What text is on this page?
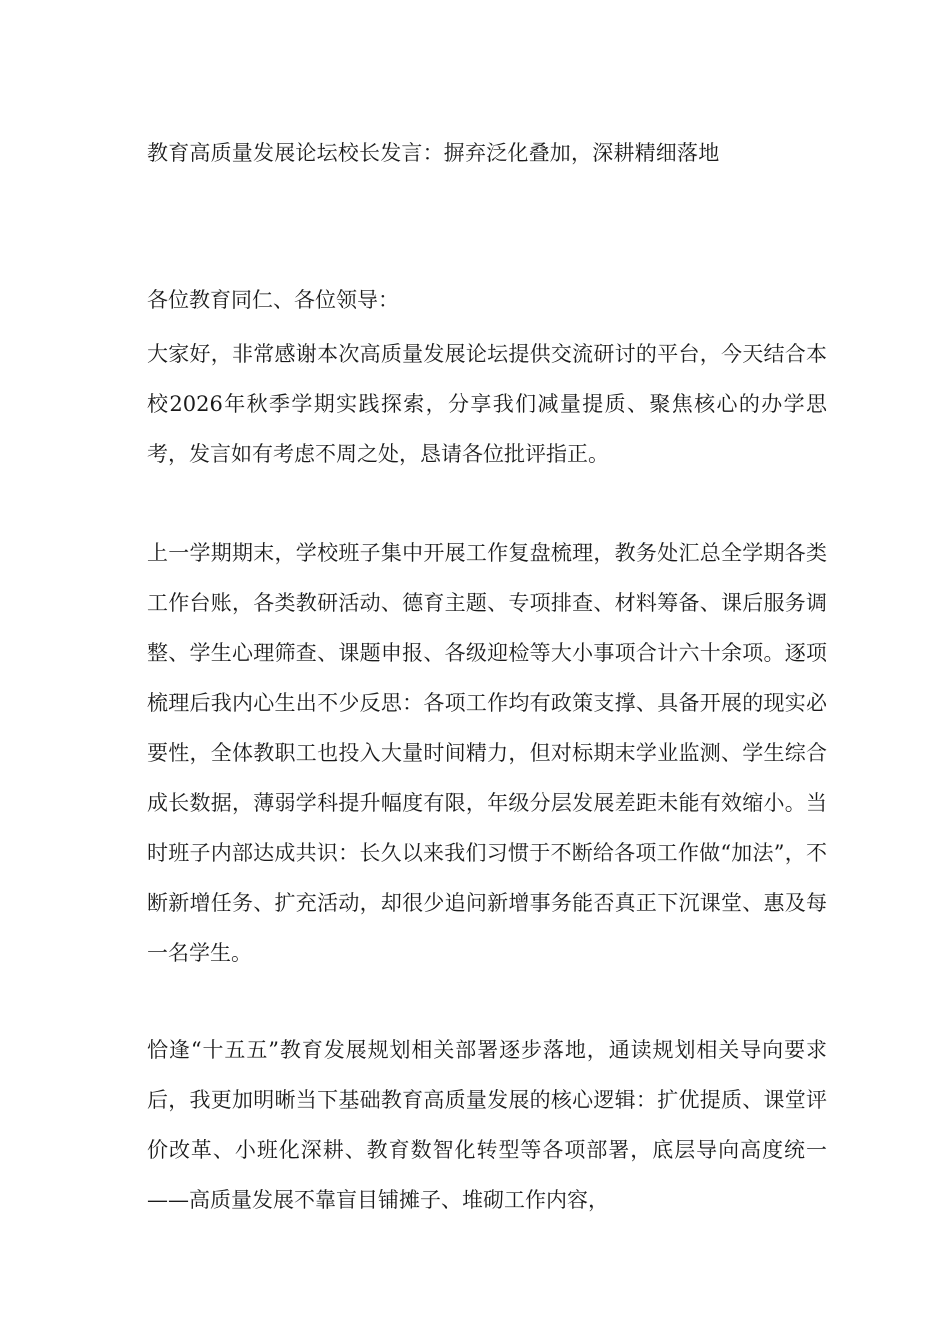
教育高质量发展论坛校长发言：摒弃泛化叠加，深耕精细落地
各位教育同仁、各位领导：
大家好，非常感谢本次高质量发展论坛提供交流研讨的平台，今天结合本校2026年秋季学期实践探索，分享我们减量提质、聚焦核心的办学思考，发言如有考虑不周之处，恳请各位批评指正。
上一学期期末，学校班子集中开展工作复盘梳理，教务处汇总全学期各类工作台账，各类教研活动、德育主题、专项排查、材料筹备、课后服务调整、学生心理筛查、课题申报、各级迎检等大小事项合计六十余项。逐项梳理后我内心生出不少反思：各项工作均有政策支撑、具备开展的现实必要性，全体教职工也投入大量时间精力，但对标期末学业监测、学生综合成长数据，薄弱学科提升幅度有限，年级分层发展差距未能有效缩小。当时班子内部达成共识：长久以来我们习惯于不断给各项工作做“加法”，不断新增任务、扩充活动，却很少追问新增事务能否真正下沉课堂、惠及每一名学生。
恰逢“十五五”教育发展规划相关部署逐步落地，通读规划相关导向要求后，我更加明晰当下基础教育高质量发展的核心逻辑：扩优提质、课堂评价改革、小班化深耕、教育数智化转型等各项部署，底层导向高度统一——高质量发展不靠盲目铺摊子、堆砌工作内容，
